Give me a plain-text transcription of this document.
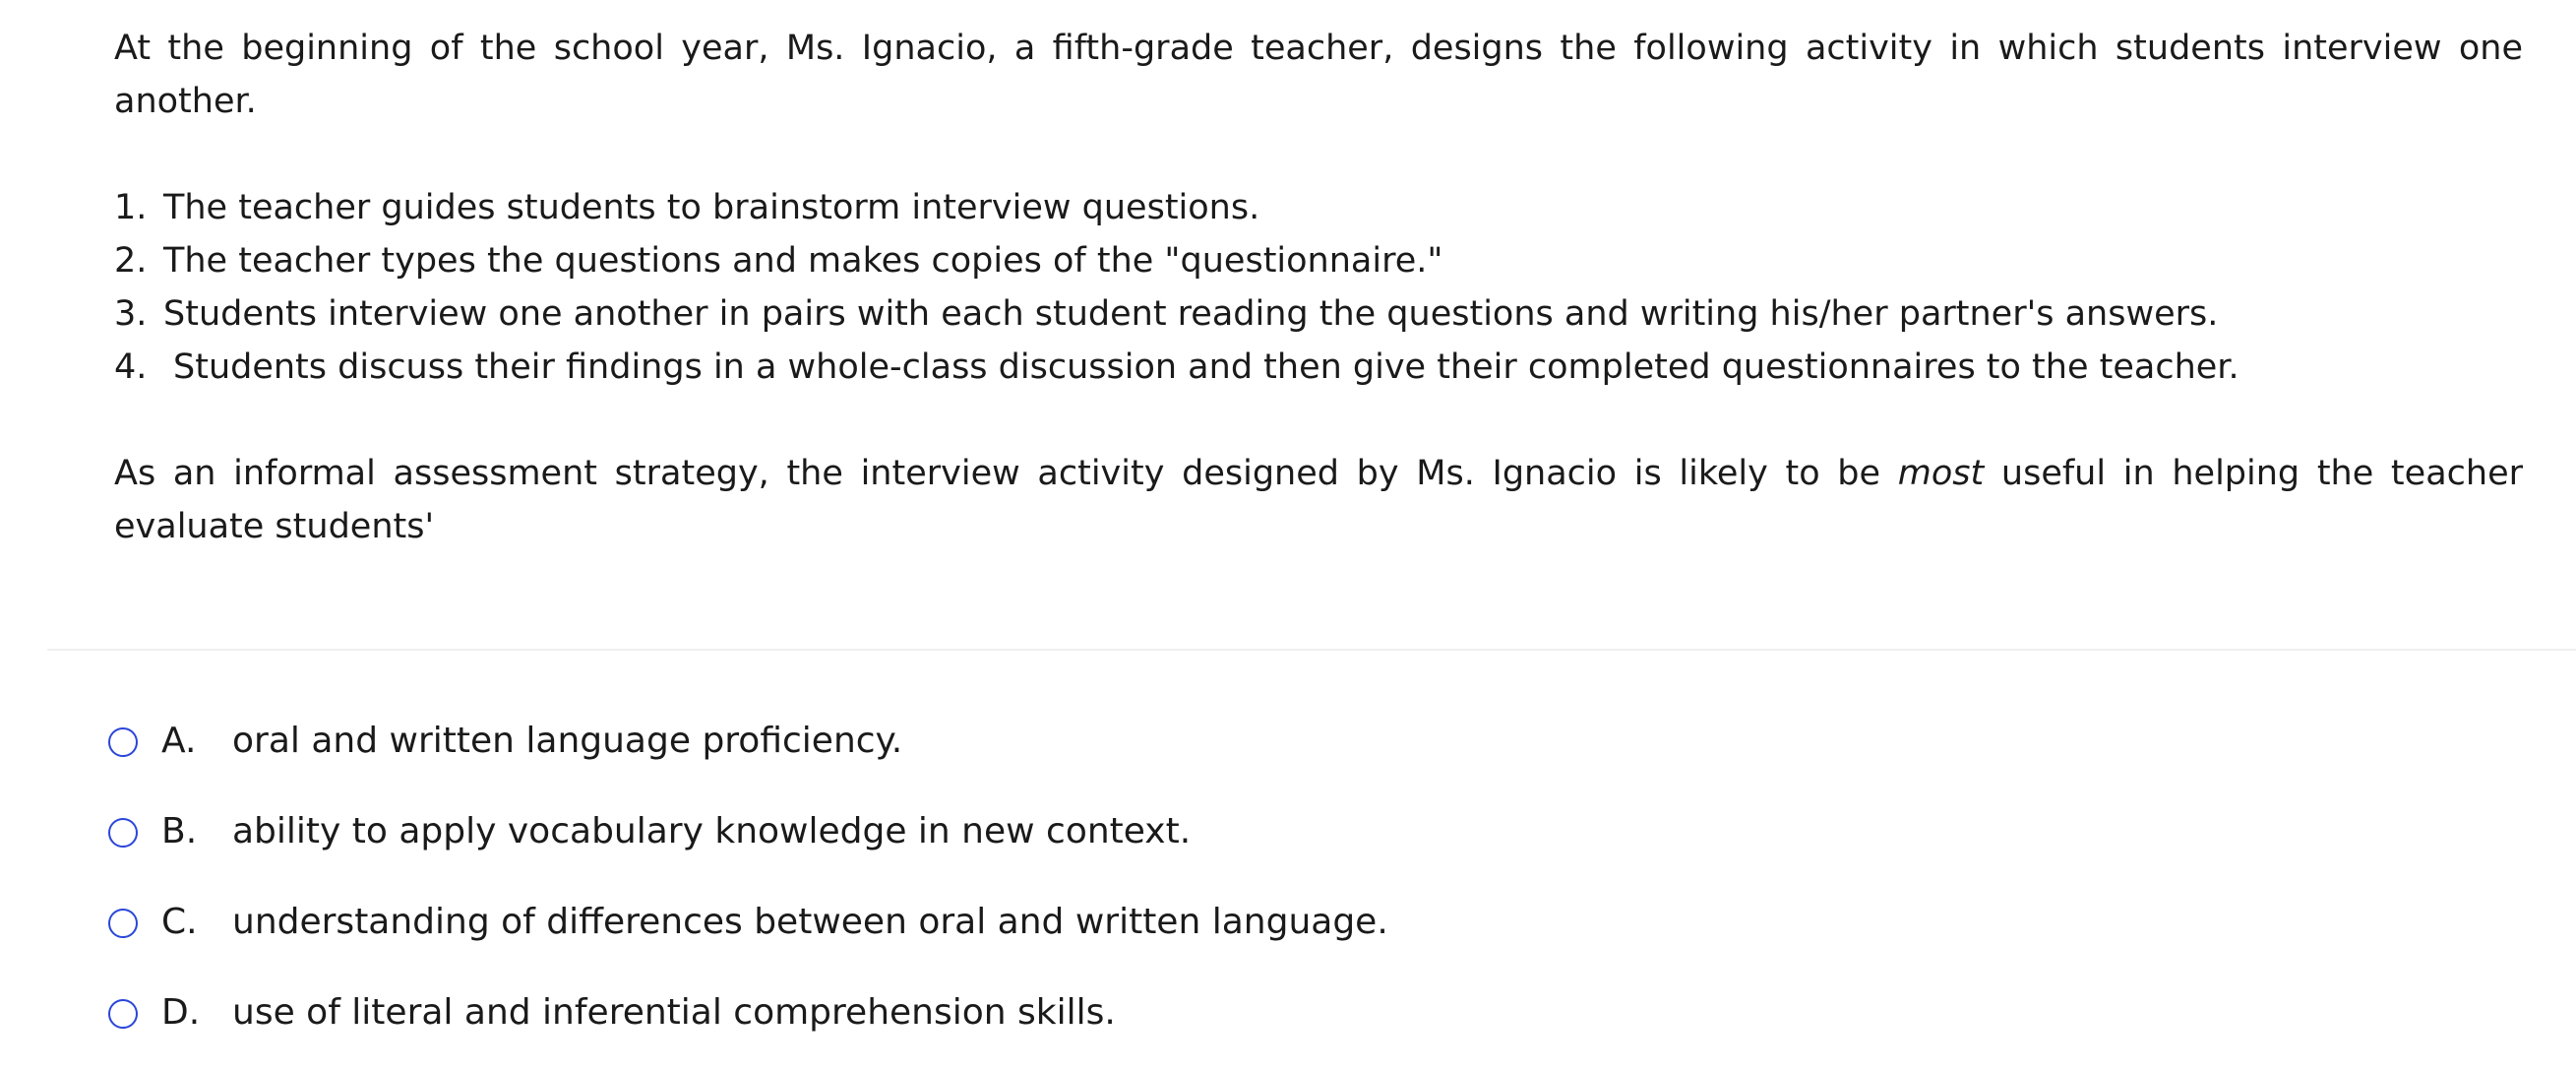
At the beginning of the school year, Ms. Ignacio, a fifth-grade teacher, designs the following activity in which students interview one another.

1. The teacher guides students to brainstorm interview questions.
2. The teacher types the questions and makes copies of the "questionnaire."
3. Students interview one another in pairs with each student reading the questions and writing his/her partner's answers.
4. Students discuss their findings in a whole-class discussion and then give their completed questionnaires to the teacher.

As an informal assessment strategy, the interview activity designed by Ms. Ignacio is likely to be most useful in helping the teacher evaluate students'

A.	oral and written language proficiency.
B. ability to apply vocabulary knowledge in new context.
C. understanding of differences between oral and written language.
D. use of literal and inferential comprehension skills.
